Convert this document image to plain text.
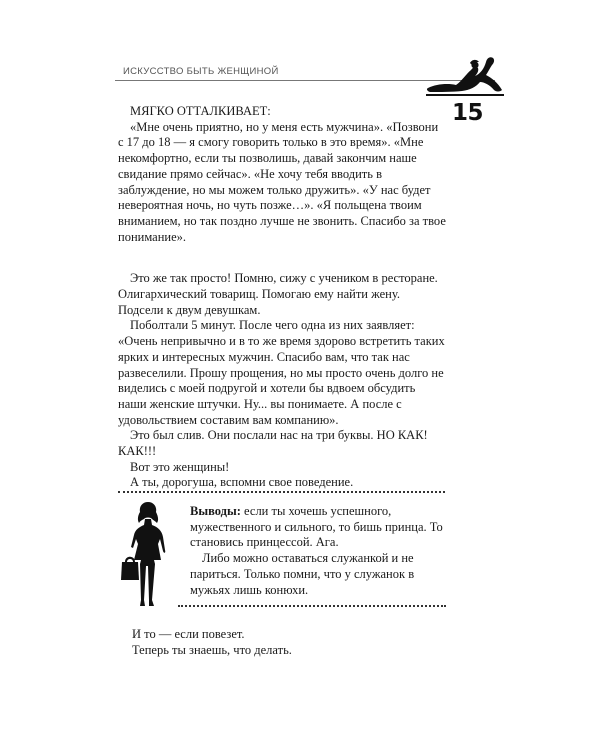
ИСКУССТВО БЫТЬ ЖЕНЩИНОЙ
15
МЯГКО ОТТАЛКИВАЕТ:

«Мне очень приятно, но у меня есть мужчина». «Позвони с 17 до 18 — я смогу говорить только в это время». «Мне некомфортно, если ты позволишь, давай закончим наше свидание прямо сейчас». «Не хочу тебя вводить в заблуждение, но мы можем только дружить». «У нас будет невероятная ночь, но чуть позже…». «Я польщена твоим вниманием, но так поздно лучше не звонить. Спасибо за твое понимание».

Это же так просто! Помню, сижу с учеником в ресторане. Олигархический товарищ. Помогаю ему найти жену. Подсели к двум девушкам.

Поболтали 5 минут. После чего одна из них заявляет: «Очень непривычно и в то же время здорово встретить таких ярких и интересных мужчин. Спасибо вам, что так нас развеселили. Прошу прощения, но мы просто очень долго не виделись с моей подругой и хотели бы вдвоем обсудить наши женские штучки. Ну... вы понимаете. А после с удовольствием составим вам компанию».

Это был слив. Они послали нас на три буквы. НО КАК! КАК!!!

Вот это женщины!

А ты, дорогуша, вспомни свое поведение.

Выводы: если ты хочешь успешного, мужественного и сильного, то бишь принца. То становись принцессой. Ага.

Либо можно оставаться служанкой и не париться. Только помни, что у служанок в мужьях лишь конюхи.

И то — если повезет.
Теперь ты знаешь, что делать.
